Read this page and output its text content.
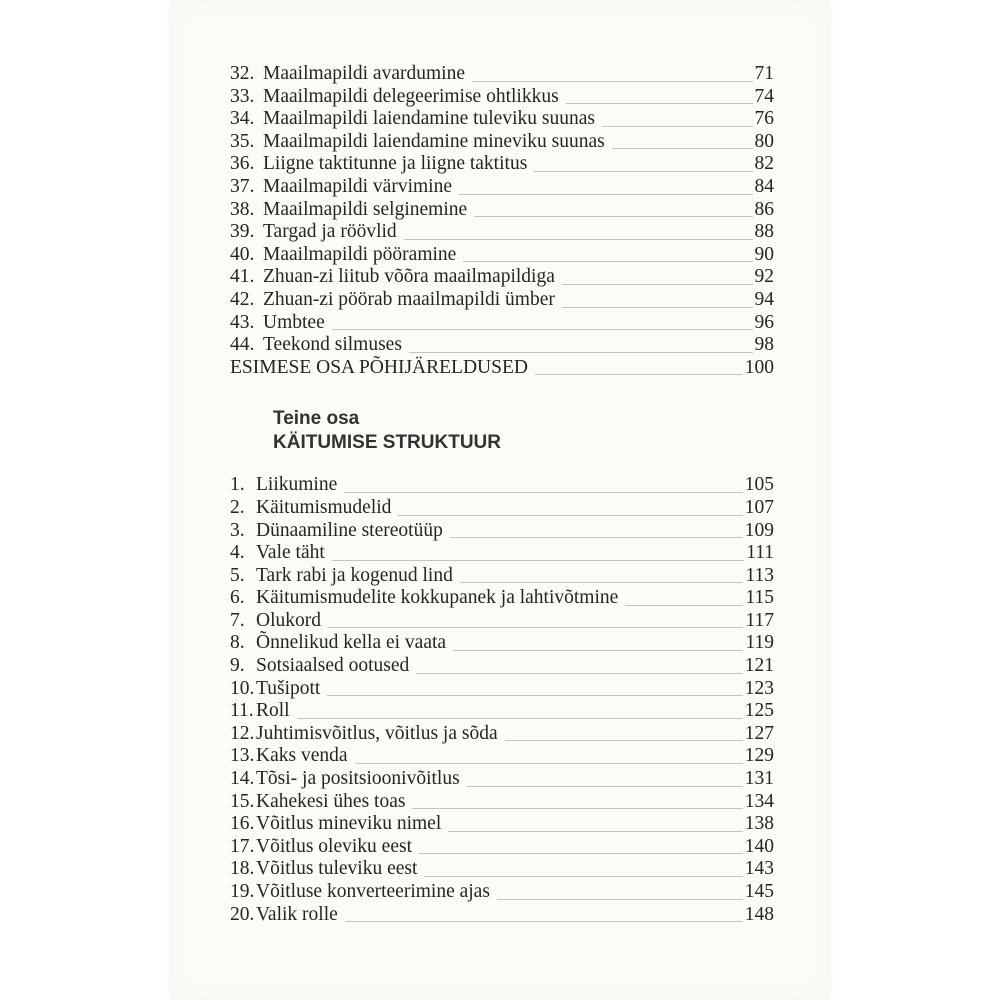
32. Maailmapildi avardumine	71
33. Maailmapildi delegeerimise ohtlikkus	74
34. Maailmapildi laiendamine tuleviku suunas	76
35. Maailmapildi laiendamine mineviku suunas	80
36. Liigne taktitunne ja liigne taktitus	82
37. Maailmapildi värvimine	84
38. Maailmapildi selginemine	86
39. Targad ja röövlid	88
40. Maailmapildi pööramine	90
41. Zhuan-zi liitub võõra maailmapildiga	92
42. Zhuan-zi pöörab maailmapildi ümber	94
43. Umbtee	96
44. Teekond silmuses	98
ESIMESE OSA PÕHIJÄRELDUSED	100
Teine osa
KÄITUMISE STRUKTUUR
1. Liikumine	105
2. Käitumismudelid	107
3. Dünaamiline stereotüüp	109
4. Vale täht	111
5. Tark rabi ja kogenud lind	113
6. Käitumismudelite kokkupanek ja lahtivõtmine	115
7. Olukord	117
8. Õnnelikud kella ei vaata	119
9. Sotsiaalsed ootused	121
10. Tušipott	123
11. Roll	125
12. Juhtimisvõitlus, võitlus ja sõda	127
13. Kaks venda	129
14. Tõsi- ja positsioonivõitlus	131
15. Kahekesi ühes toas	134
16. Võitlus mineviku nimel	138
17. Võitlus oleviku eest	140
18. Võitlus tuleviku eest	143
19. Võitluse konverteerimine ajas	145
20. Valik rolle	148
